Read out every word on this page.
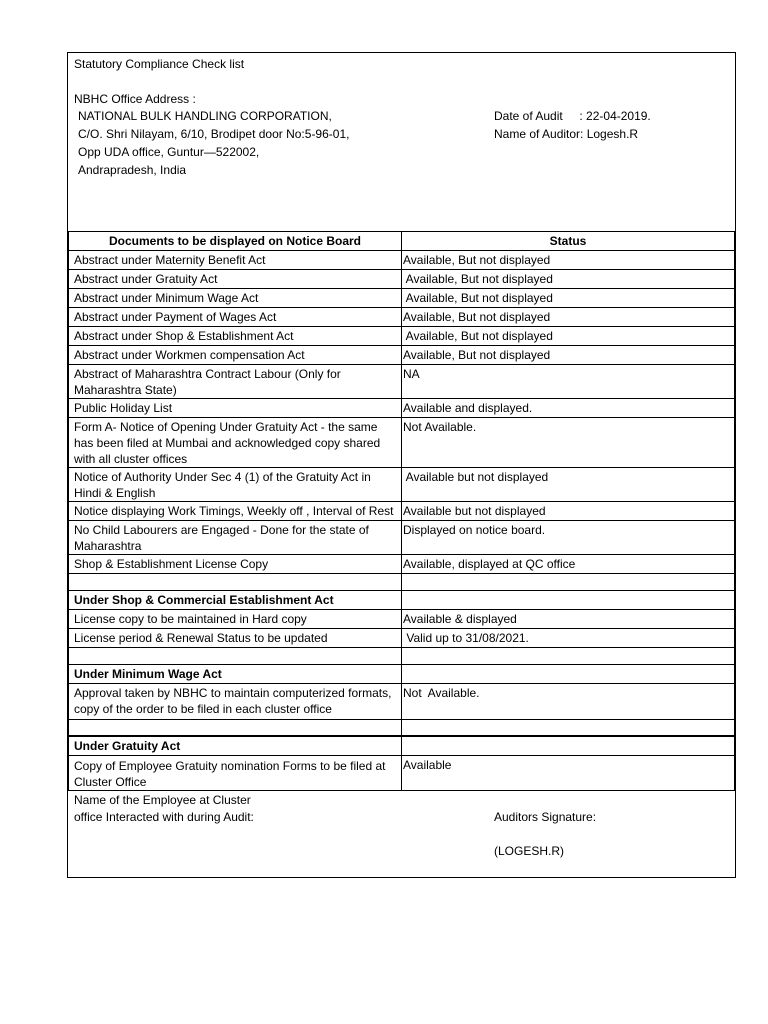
Statutory Compliance Check list
NBHC Office Address :
NATIONAL BULK HANDLING CORPORATION,
C/O. Shri Nilayam, 6/10, Brodipet door No:5-96-01,
Opp UDA office, Guntur—522002,
Andrapradesh, India
Date of Audit     : 22-04-2019.
Name of Auditor: Logesh.R
Documents to be displayed on Notice Board	Status
Abstract under Maternity Benefit Act	Available, But not displayed
Abstract under Gratuity Act	Available, But not displayed
Abstract under Minimum Wage Act	Available, But not displayed
Abstract under Payment of Wages Act	Available, But not displayed
Abstract under Shop & Establishment Act	Available, But not displayed
Abstract under Workmen compensation Act	Available, But not displayed
Abstract of Maharashtra Contract Labour (Only for Maharashtra State)	NA
Public Holiday List	Available and displayed.
Form A- Notice of Opening Under Gratuity Act - the same has been filed at Mumbai and acknowledged copy shared with all cluster offices	Not Available.
Notice of Authority Under Sec 4 (1) of the Gratuity Act in Hindi & English	Available but not displayed
Notice displaying Work Timings, Weekly off , Interval of Rest	Available but not displayed
No Child Labourers are Engaged - Done for the state of Maharashtra	Displayed on notice board.
Shop & Establishment License Copy	Available, displayed at QC office

Under Shop & Commercial Establishment Act	
License copy to be maintained in Hard copy	Available & displayed
License period & Renewal Status to be updated	Valid up to 31/08/2021.

Under Minimum Wage Act	
Approval taken by NBHC to maintain computerized formats, copy of the order to be filed in each cluster office	Not  Available.

Under Gratuity Act	
Copy of Employee Gratuity nomination Forms to be filed at Cluster Office	Available
Name of the Employee at Cluster
office Interacted with during Audit:	Auditors Signature:
(LOGESH.R)
